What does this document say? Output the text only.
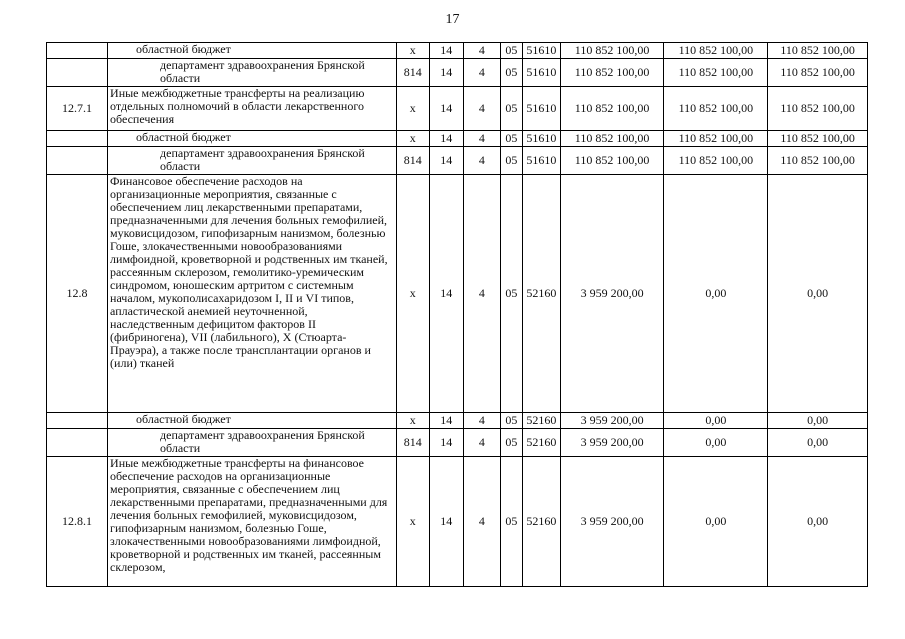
17
	областной бюджет	х	14	4	05	51610	110 852 100,00	110 852 100,00	110 852 100,00
	департамент здравоохранения Брянской области	814	14	4	05	51610	110 852 100,00	110 852 100,00	110 852 100,00
12.7.1	Иные межбюджетные трансферты на реализацию отдельных полномочий в области лекарственного обеспечения	х	14	4	05	51610	110 852 100,00	110 852 100,00	110 852 100,00
	областной бюджет	х	14	4	05	51610	110 852 100,00	110 852 100,00	110 852 100,00
	департамент здравоохранения Брянской области	814	14	4	05	51610	110 852 100,00	110 852 100,00	110 852 100,00
12.8	Финансовое обеспечение расходов на организационные мероприятия, связанные с обеспечением лиц лекарственными препаратами, предназначенными для лечения больных гемофилией, муковисцидозом, гипофизарным нанизмом, болезнью Гоше, злокачественными новообразованиями лимфоидной, кроветворной и родственных им тканей, рассеянным склерозом, гемолитико-уремическим синдромом, юношеским артритом с системным началом, мукополисахаридозом I, II и VI типов, апластической анемией неуточненной, наследственным дефицитом факторов II (фибриногена), VII (лабильного), X (Стюарта-Прауэра), а также после трансплантации органов и (или) тканей	х	14	4	05	52160	3 959 200,00	0,00	0,00
	областной бюджет	х	14	4	05	52160	3 959 200,00	0,00	0,00
	департамент здравоохранения Брянской области	814	14	4	05	52160	3 959 200,00	0,00	0,00
12.8.1	Иные межбюджетные трансферты на финансовое обеспечение расходов на организационные мероприятия, связанные с обеспечением лиц лекарственными препаратами, предназначенными для лечения больных гемофилией, муковисцидозом, гипофизарным нанизмом, болезнью Гоше, злокачественными новообразованиями лимфоидной, кроветворной и родственных им тканей, рассеянным склерозом,	х	14	4	05	52160	3 959 200,00	0,00	0,00
